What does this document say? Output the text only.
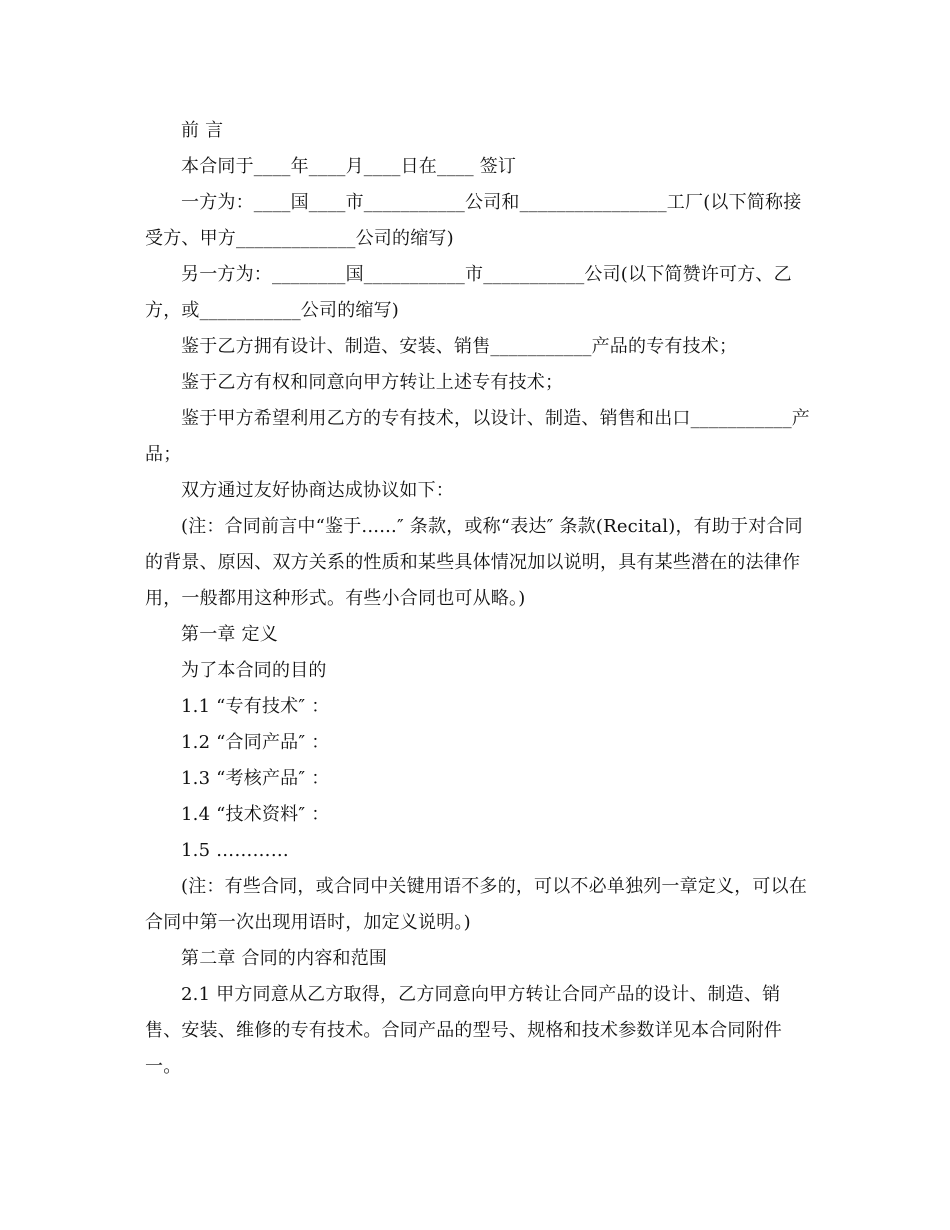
前 言

本合同于____年____月____日在____ 签订

一方为：____国____市___________公司和________________工厂(以下简称接受方、甲方_____________公司的缩写)

另一方为：________国___________市___________公司(以下简赞许可方、乙方，或___________公司的缩写)

鉴于乙方拥有设计、制造、安装、销售___________产品的专有技术；

鉴于乙方有权和同意向甲方转让上述专有技术；

鉴于甲方希望利用乙方的专有技术，以设计、制造、销售和出口___________产品；

双方通过友好协商达成协议如下：

(注：合同前言中“鉴于......″ 条款，或称“表达″ 条款(Recital)，有助于对合同的背景、原因、双方关系的性质和某些具体情况加以说明，具有某些潜在的法律作用，一般都用这种形式。有些小合同也可从略。)

第一章 定义

为了本合同的目的

1.1 “专有技术″ ：

1.2 “合同产品″ ：

1.3 “考核产品″ ：

1.4 “技术资料″ ：

1.5 …………

(注：有些合同，或合同中关键用语不多的，可以不必单独列一章定义，可以在合同中第一次出现用语时，加定义说明。)

第二章 合同的内容和范围

2.1 甲方同意从乙方取得，乙方同意向甲方转让合同产品的设计、制造、销售、安装、维修的专有技术。合同产品的型号、规格和技术参数详见本合同附件一。
